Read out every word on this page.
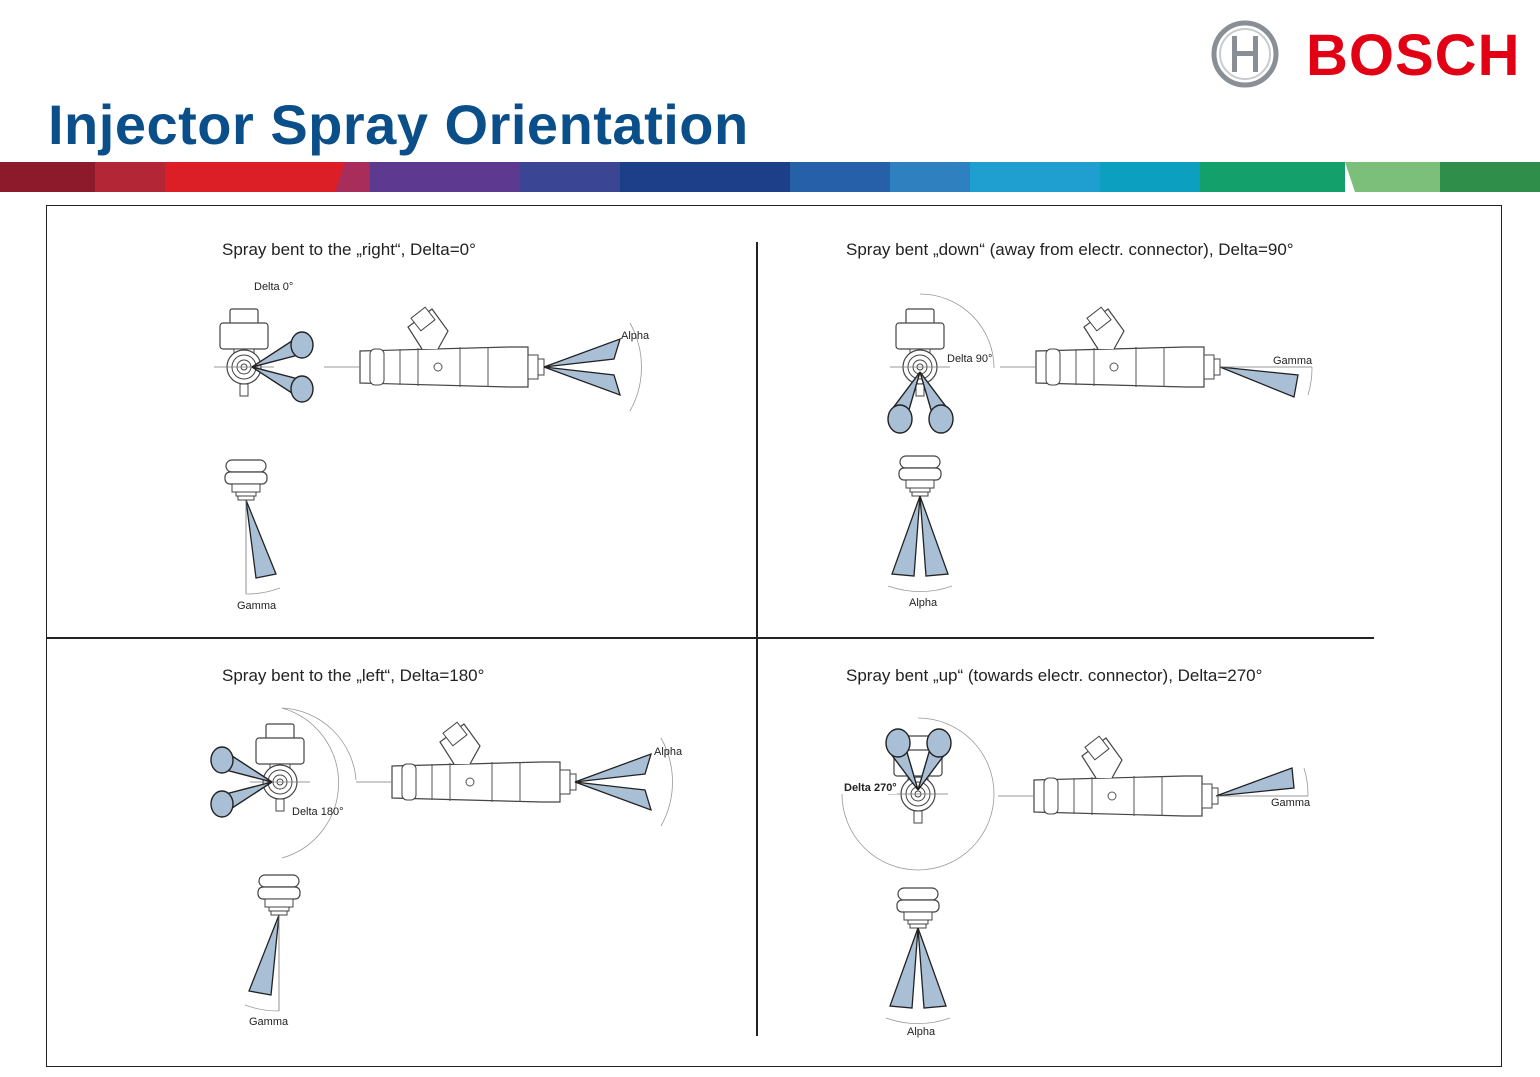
Injector Spray Orientation
BOSCH
Spray bent to the „right“, Delta=0°	Spray bent „down“ (away from electr. connector), Delta=90°
Spray bent to the „left“, Delta=180°	Spray bent „up“ (towards electr. connector), Delta=270°
Delta 0°
Alpha
Gamma
Delta 90°	Gamma
Alpha
Delta 180°
Alpha
Gamma
Delta 270°
Gamma
Alpha
